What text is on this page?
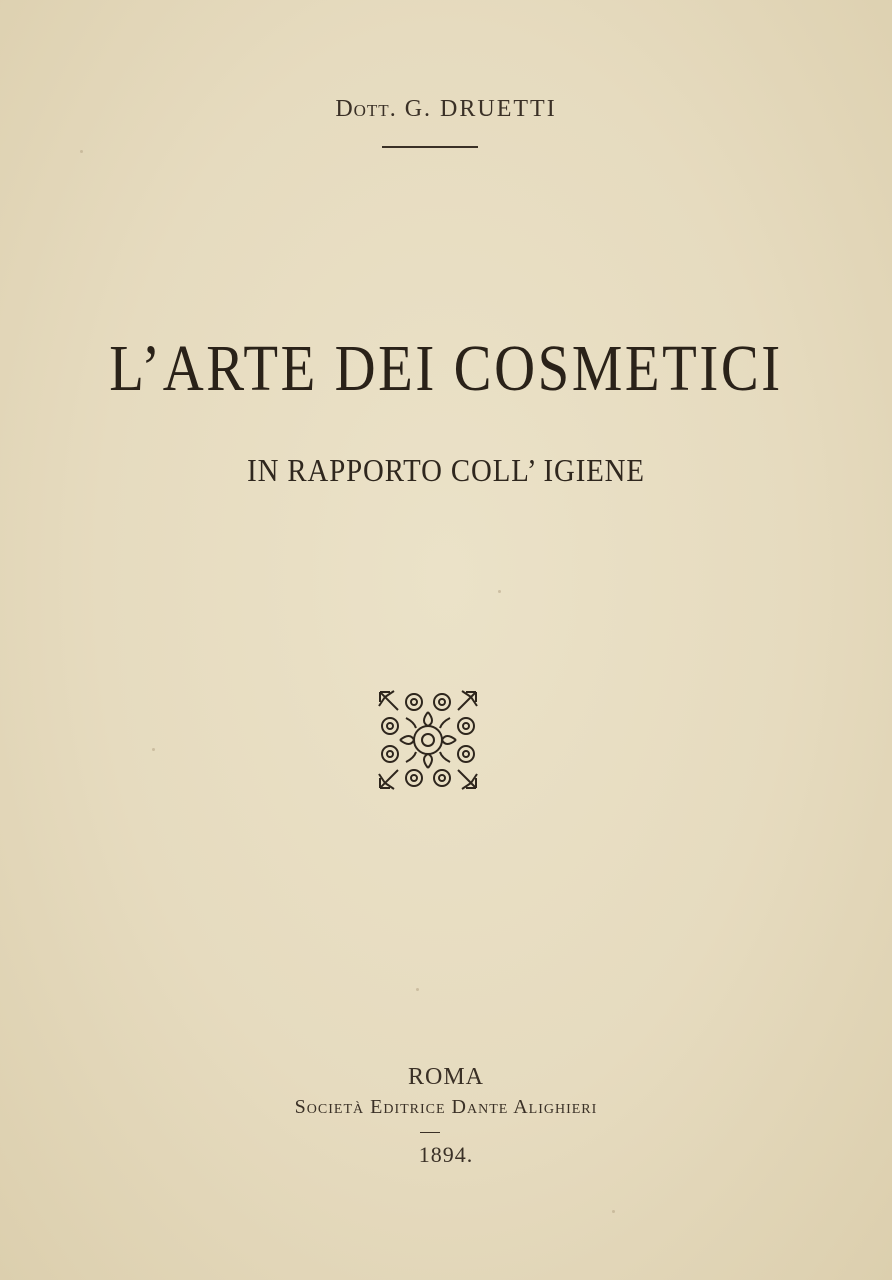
Dott. G. DRUETTI
L’ARTE DEI COSMETICI
IN RAPPORTO COLL’ IGIENE
ROMA
Società Editrice Dante Alighieri
1894.
